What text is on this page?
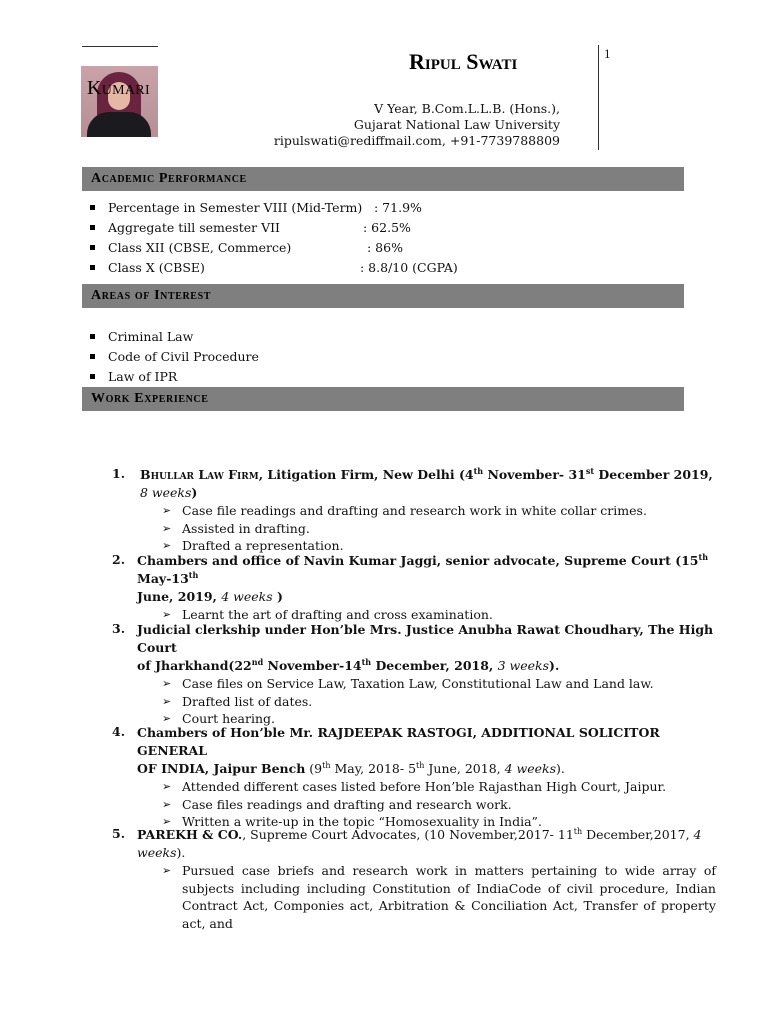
Kumari
Ripul Swati	1
V Year, B.Com.L.L.B. (Hons.),
Gujarat National Law University
ripulswati@rediffmail.com, +91-7739788809
Academic Performance
Percentage in Semester VIII (Mid-Term) : 71.9%
Aggregate till semester VII	: 62.5%
Class XII (CBSE, Commerce)	: 86%
Class X (CBSE)	: 8.8/10 (CGPA)
Areas of Interest
Criminal Law
Code of Civil Procedure
Law of IPR
Work Experience
1. Bhullar Law Firm, Litigation Firm, New Delhi (4th November- 31st December 2019, 8 weeks)
➢ Case file readings and drafting and research work in white collar crimes.
➢ Assisted in drafting.
➢ Drafted a representation.
2. Chambers and office of Navin Kumar Jaggi, senior advocate, Supreme Court (15th May-13th
June, 2019, 4 weeks )
➢ Learnt the art of drafting and cross examination.
3. Judicial clerkship under Hon’ble Mrs. Justice Anubha Rawat Choudhary, The High Court
of Jharkhand(22nd November-14th December, 2018, 3 weeks).
➢ Case files on Service Law, Taxation Law, Constitutional Law and Land law.
➢ Drafted list of dates.
➢ Court hearing.
4. Chambers of Hon’ble Mr. RAJDEEPAK RASTOGI, ADDITIONAL SOLICITOR GENERAL
OF INDIA, Jaipur Bench (9th May, 2018- 5th June, 2018, 4 weeks).
➢ Attended different cases listed before Hon’ble Rajasthan High Court, Jaipur.
➢ Case files readings and drafting and research work.
➢ Written a write-up in the topic “Homosexuality in India”.
5. PAREKH & CO., Supreme Court Advocates, (10 November,2017- 11th December,2017, 4
weeks).
➢ Pursued case briefs and research work in matters pertaining to wide array of subjects including including Constitution of IndiaCode of civil procedure, Indian Contract Act, Componies act, Arbitration & Conciliation Act, Transfer of property act, and
